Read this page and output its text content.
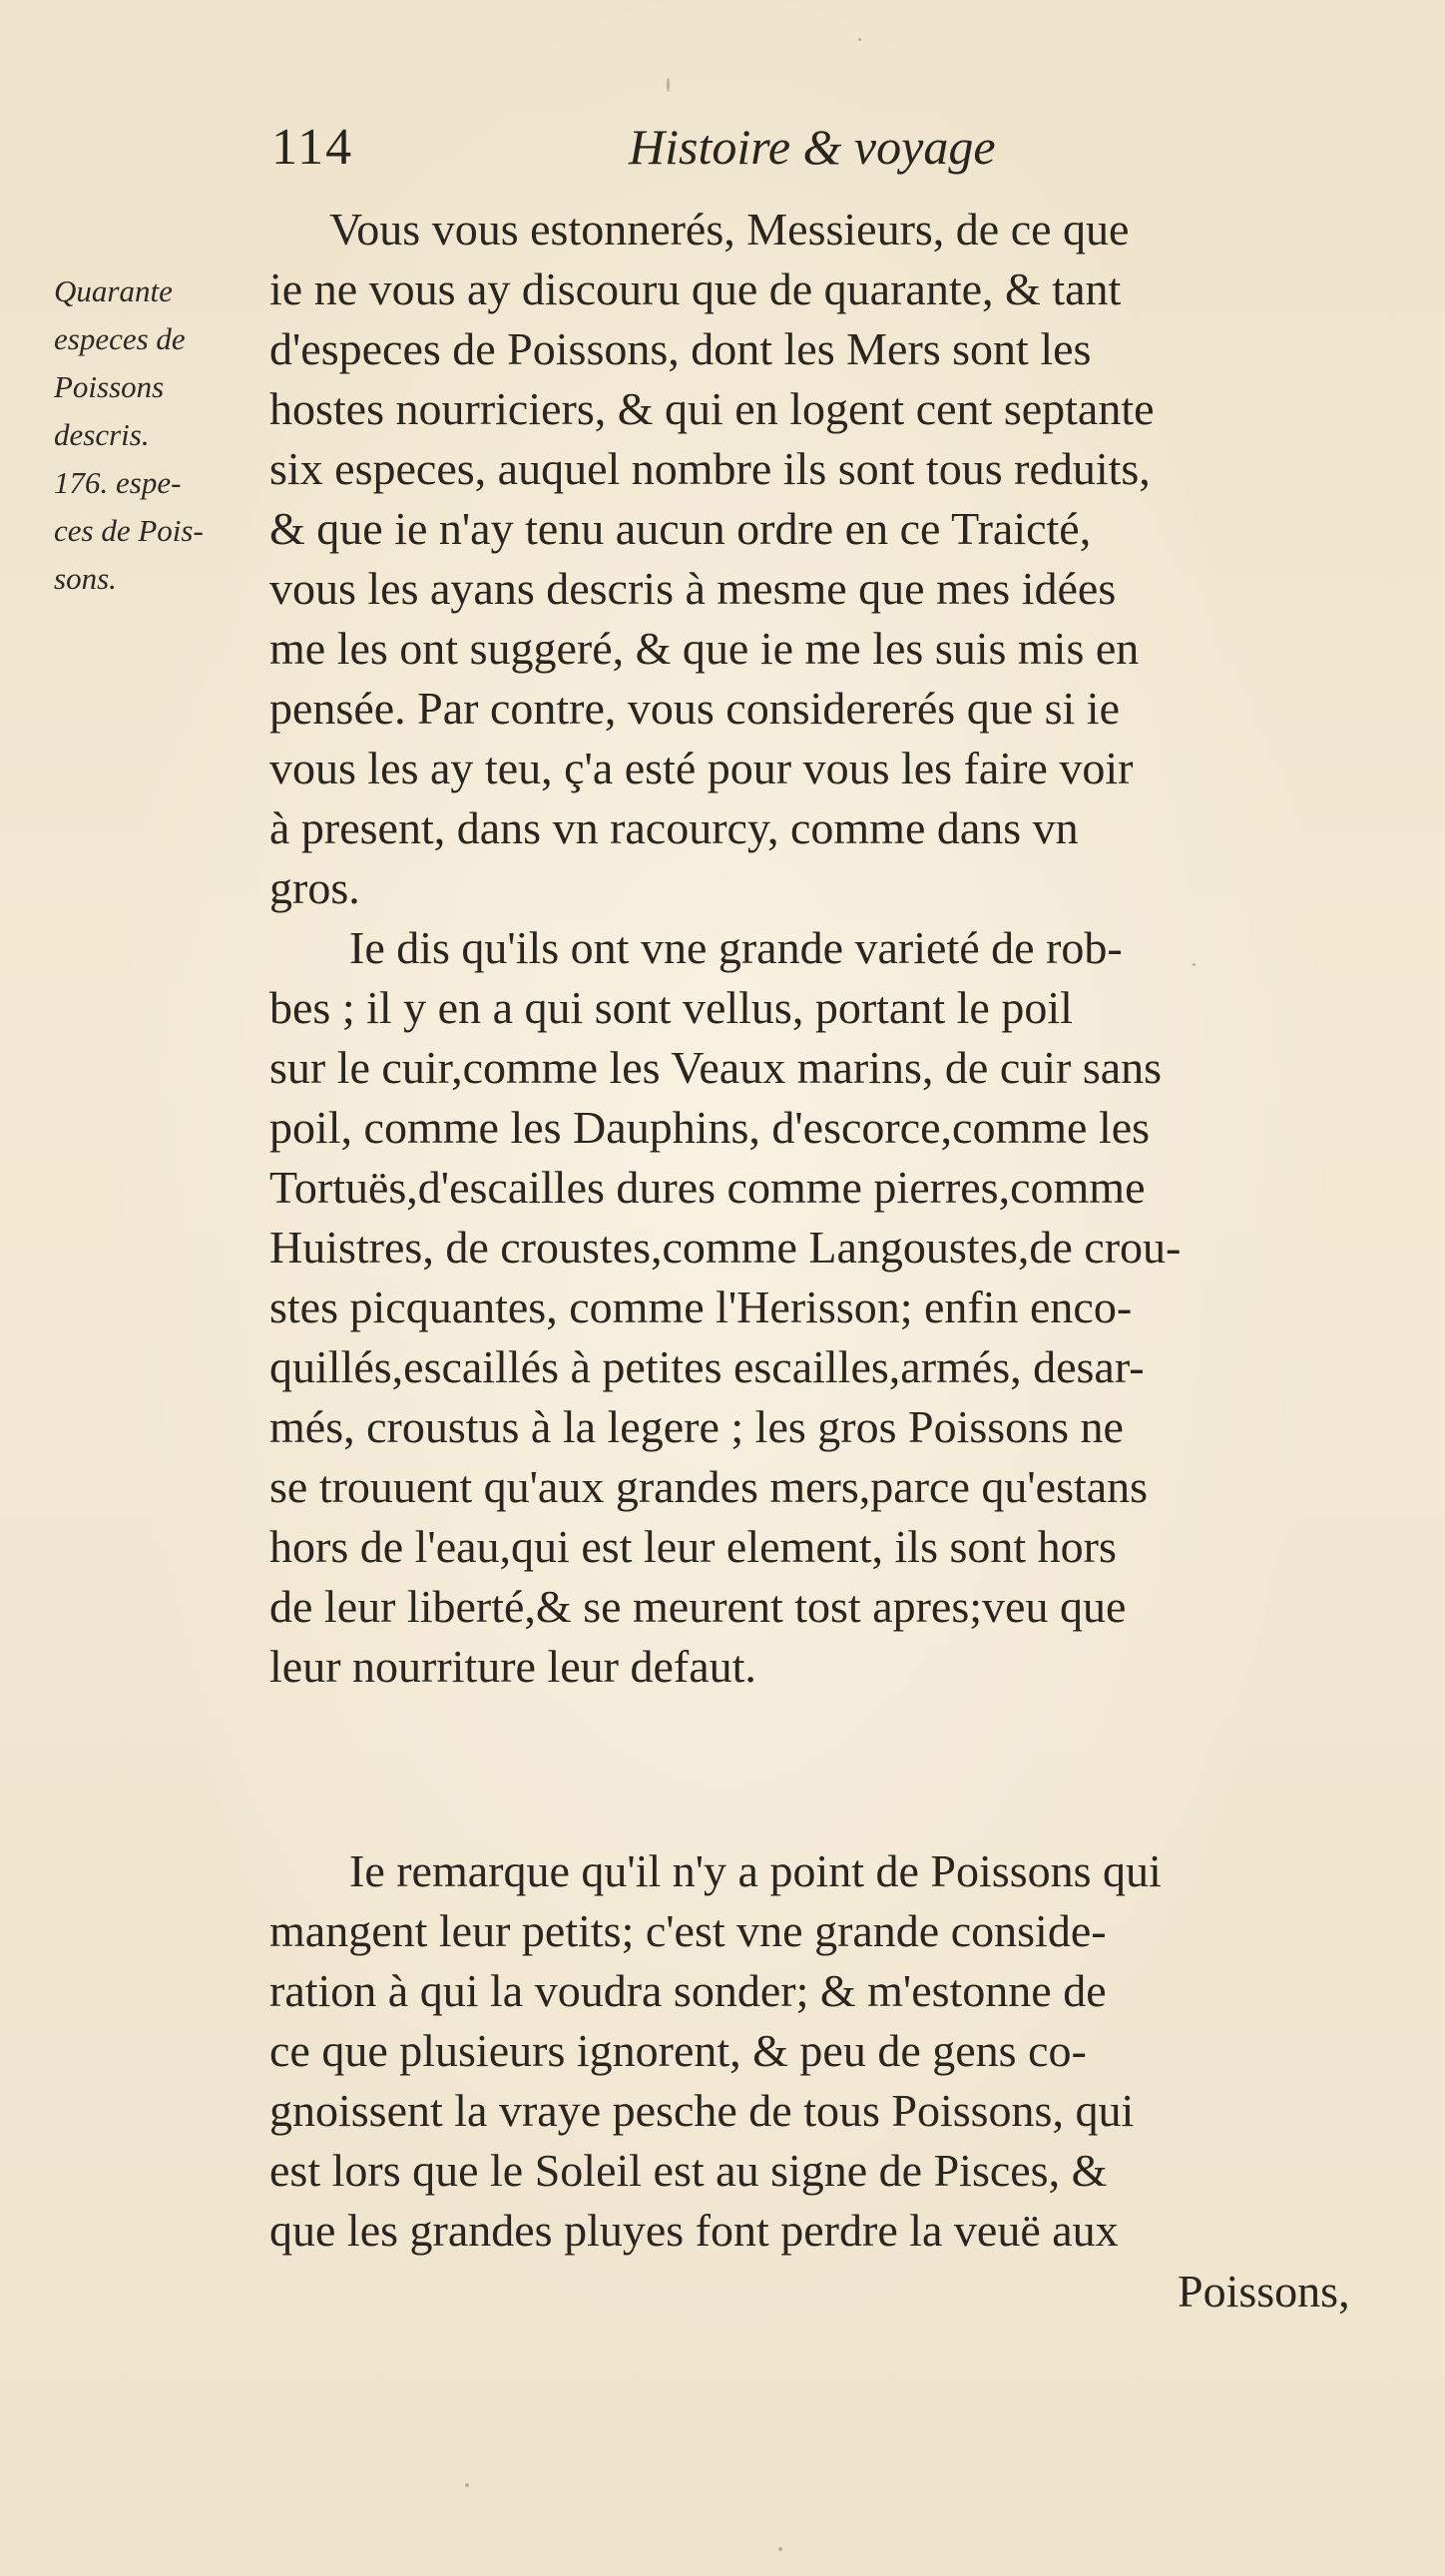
114	Histoire & voyage
Quarante
especes de
Poissons
descris.
176. espe-
ces de Pois-
sons.
Vous vous estonnerés, Messieurs, de ce que
ie ne vous ay discouru que de quarante, & tant
d'especes de Poissons, dont les Mers sont les
hostes nourriciers, & qui en logent cent septante
six especes, auquel nombre ils sont tous reduits,
& que ie n'ay tenu aucun ordre en ce Traicté,
vous les ayans descris à mesme que mes idées
me les ont suggeré, & que ie me les suis mis en
pensée. Par contre, vous considererés que si ie
vous les ay teu, ç'a esté pour vous les faire voir
à present, dans vn racourcy, comme dans vn
gros.
Ie dis qu'ils ont vne grande varieté de rob-
bes ; il y en a qui sont vellus, portant le poil
sur le cuir,comme les Veaux marins, de cuir sans
poil, comme les Dauphins, d'escorce,comme les
Tortuës,d'escailles dures comme pierres,comme
Huistres, de croustes,comme Langoustes,de crou-
stes picquantes, comme l'Herisson; enfin enco-
quillés,escaillés à petites escailles,armés, desar-
més, croustus à la legere ; les gros Poissons ne
se trouuent qu'aux grandes mers,parce qu'estans
hors de l'eau,qui est leur element, ils sont hors
de leur liberté,& se meurent tost apres;veu que
leur nourriture leur defaut.
Ie remarque qu'il n'y a point de Poissons qui
mangent leur petits; c'est vne grande conside-
ration à qui la voudra sonder; & m'estonne de
ce que plusieurs ignorent, & peu de gens co-
gnoissent la vraye pesche de tous Poissons, qui
est lors que le Soleil est au signe de Pisces, &
que les grandes pluyes font perdre la veuë aux
Poissons,
